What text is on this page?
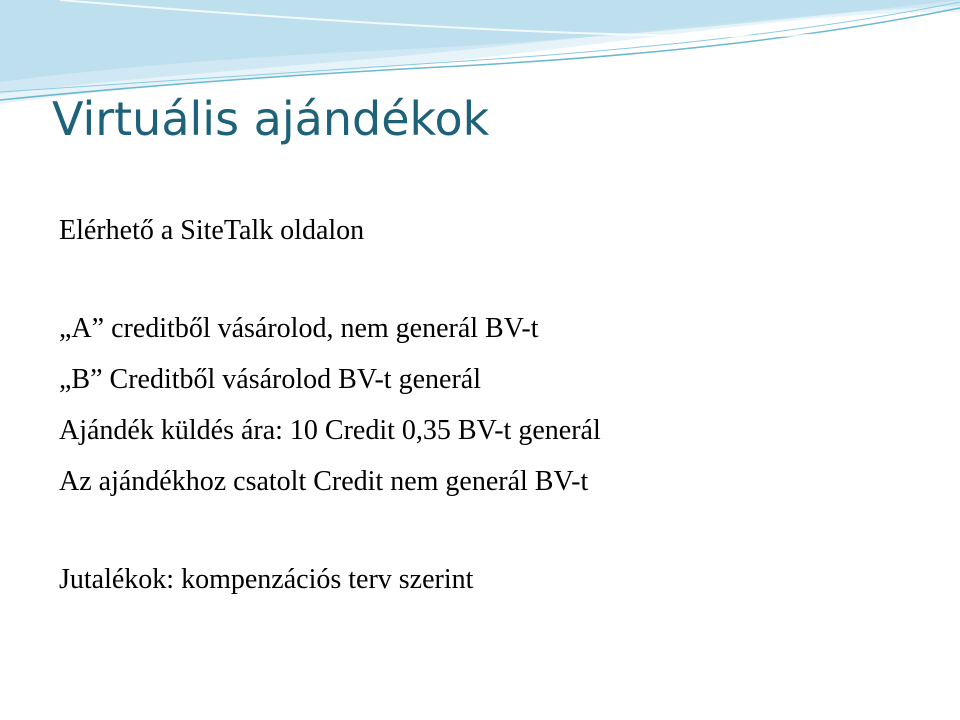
Virtuális ajándékok

Elérhető a SiteTalk oldalon

„A” creditből vásárolod, nem generál BV-t

„B” Creditből vásárolod BV-t generál

Ajándék küldés ára: 10 Credit 0,35 BV-t generál

Az ajándékhoz csatolt Credit nem generál BV-t

Jutalékok: kompenzációs terv szerint
